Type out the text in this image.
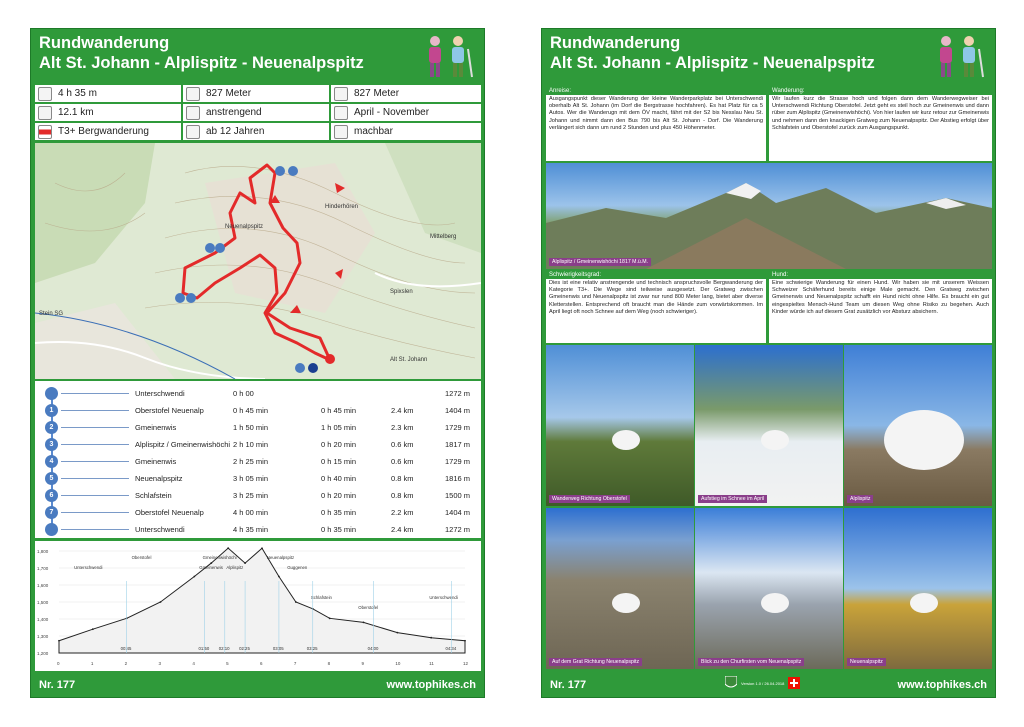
Rundwanderung
Alt St. Johann - Alplispitz - Neuenalpspitz
Neuenalpspitz
Hinderhören
Stein SG
Alt St. Johann
Spixslen
Mittelberg
Unterschwendi	0 h 00	1272 m
1	Oberstofel Neuenalp	0 h 45 min	0 h 45 min	2.4 km	1404 m
2	Gmeinenwis	1 h 50 min	1 h 05 min	2.3 km	1729 m
3	Alplispitz / Gmeinenwishöchi 2 h 10 min	0 h 20 min	0.6 km	1817 m
4	Gmeinenwis	2 h 25 min	0 h 15 min	0.6 km	1729 m
5	Neuenalpspitz	3 h 05 min	0 h 40 min	0.8 km	1816 m
6	Schlafstein	3 h 25 min	0 h 20 min	0.8 km	1500 m
7	Oberstofel Neuenalp	4 h 00 min	0 h 35 min	2.2 km	1404 m
Unterschwendi	4 h 35 min	0 h 35 min	2.4 km	1272 m
1,800
1,700
1,600
1,500
1,400
1,300
1,200
0	1	2	3	4	5	6	7	8	9	10	11	12
Unterschwendi
Oberstofel
Gmeinenwis
Gmeinenwishöchi
Alplispitz
Neuenalpspitz
Guggenen
Schlafstein
Oberstofel
Unterschwendi
00:45	01:50 02:10 02:25	03:05	03:25	04:00	04:34
Nr. 177	www.tophikes.ch
4 h 35 m	827 Meter	827 Meter
12.1 km	anstrengend	April - November
T3+ Bergwanderung	ab 12 Jahren	machbar
Rundwanderung
Alt St. Johann - Alplispitz - Neuenalpspitz
Anreise:
Ausgangspunkt dieser Wanderung der kleine Wanderparkplatz bei Unterschwendi oberhalb Alt St. Johann (im Dorf die Bergstrasse hochfahren). Es hat Platz für ca 5 Autos. Wer die Wanderugn mit dem ÖV macht, fährt mit der S2 bis Nesslau Neu St. Johann und nimmt dann den Bus 790 bis Alt St. Johann - Dorf. Die Wanderung verlängert sich dann um rund 2 Stunden und plus 450 Höhenmeter.
Wanderung:
Wir laufen kurz die Strasse hoch und folgen dann dem Wanderwegweiser bei Unterschwendi Richtung Oberstofel. Jetzt geht es steil hoch zur Gmeinenwis und dann rüber zum Alplispitz (Gmeinenwishöchi). Von hier laufen wir kurz retour zur Gmeinenwis und nehmen dann den knackigen Gratweg zum Neuenalpspitz. Der Abstieg erfolgt über Schlafstein und Oberstofel zurück zum Ausgangspunkt.
Alplispitz / Gmeinenwishöchi 1817 M.ü.M.
Schwierigkeitsgrad:
Dies ist eine relativ anstrengende und technisch anspruchsvolle Bergwanderung der Kategorie T3+. Die Wege sind teilweise ausgesetzt. Der Gratweg zwischen Gmeinenwis und Neuenalpspitz ist zwar nur rund 800 Meter lang, bietet aber diverse Kletterstellen. Entsprechend oft braucht man die Hände zum vorwärtskommen. Im April liegt oft noch Schnee auf dem Weg (noch schwieriger).
Hund:
Eine schwierige Wanderung für einen Hund. Wir haben sie mit unserem Weissen Schweizer Schäferhund bereits einige Male gemacht. Den Gratweg zwischen Gmeinenwis und Neuenalpspitz schafft ein Hund nicht ohne Hilfe. Es braucht ein gut eingespieltes Mensch-Hund Team um diesen Weg ohne Risiko zu begehen. Auch Kinder würde ich auf diesem Grat zusätzlich vor Absturz absichern.
Nr. 177	Version 1.0 / 26.04.2018	www.tophikes.ch
Wanderweg Richtung Oberstofel	Aufstieg im Schnee im April	Alplispitz
Auf dem Grat Richtung Neuenalpspitz	Blick zu den Churfirsten vom Neuenalpspitz	Neuenalpspitz
